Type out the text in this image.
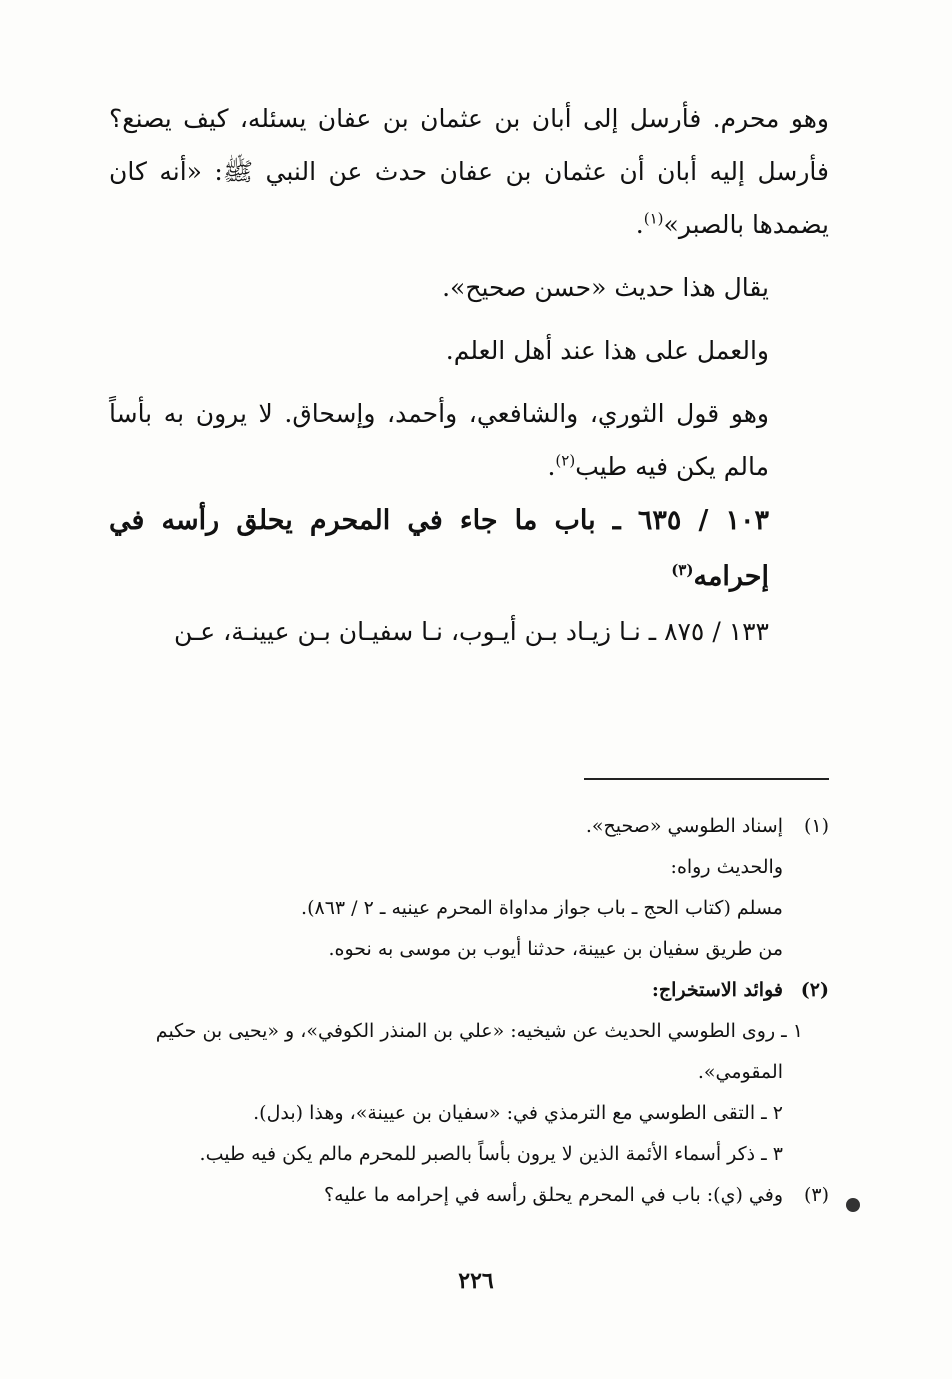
وهو محرم. فأرسل إلى أبان بن عثمان بن عفان يسئله، كيف يصنع؟ فأرسل إليه أبان أن عثمان بن عفان حدث عن النبي ﷺ: «أنه كان يضمدها بالصبر»$^{(١)}$.

يقال هذا حديث «حسن صحيح».

والعمل على هذا عند أهل العلم.

وهو قول الثوري، والشافعي، وأحمد، وإسحاق. لا يرون به بأساً مالم يكن فيه طيب$^{(٢)}$.

١٠٣ / ٦٣٥ ـ باب ما جاء في المحرم يحلق رأسه في إحرامه$^{(٣)}$

١٣٣ / ٨٧٥ ـ نـا زيـاد بـن أيـوب، نـا سفيـان بـن عيينـة، عـن

(١)إسناد الطوسي «صحيح».

والحديث رواه:

مسلم (كتاب الحج ـ باب جواز مداواة المحرم عينيه ـ ٢ / ٨٦٣).

من طريق سفيان بن عيينة، حدثنا أيوب بن موسى به نحوه.

(٢)فوائد الاستخراج:

١ ـ روى الطوسي الحديث عن شيخيه: «علي بن المنذر الكوفي»، و «يحيى بن حكيم

المقومي».

٢ ـ التقى الطوسي مع الترمذي في: «سفيان بن عيينة»، وهذا (بدل).

٣ ـ ذكر أسماء الأئمة الذين لا يرون بأساً بالصبر للمحرم مالم يكن فيه طيب.

(٣)وفي (ي): باب في المحرم يحلق رأسه في إحرامه ما عليه؟

٢٢٦
